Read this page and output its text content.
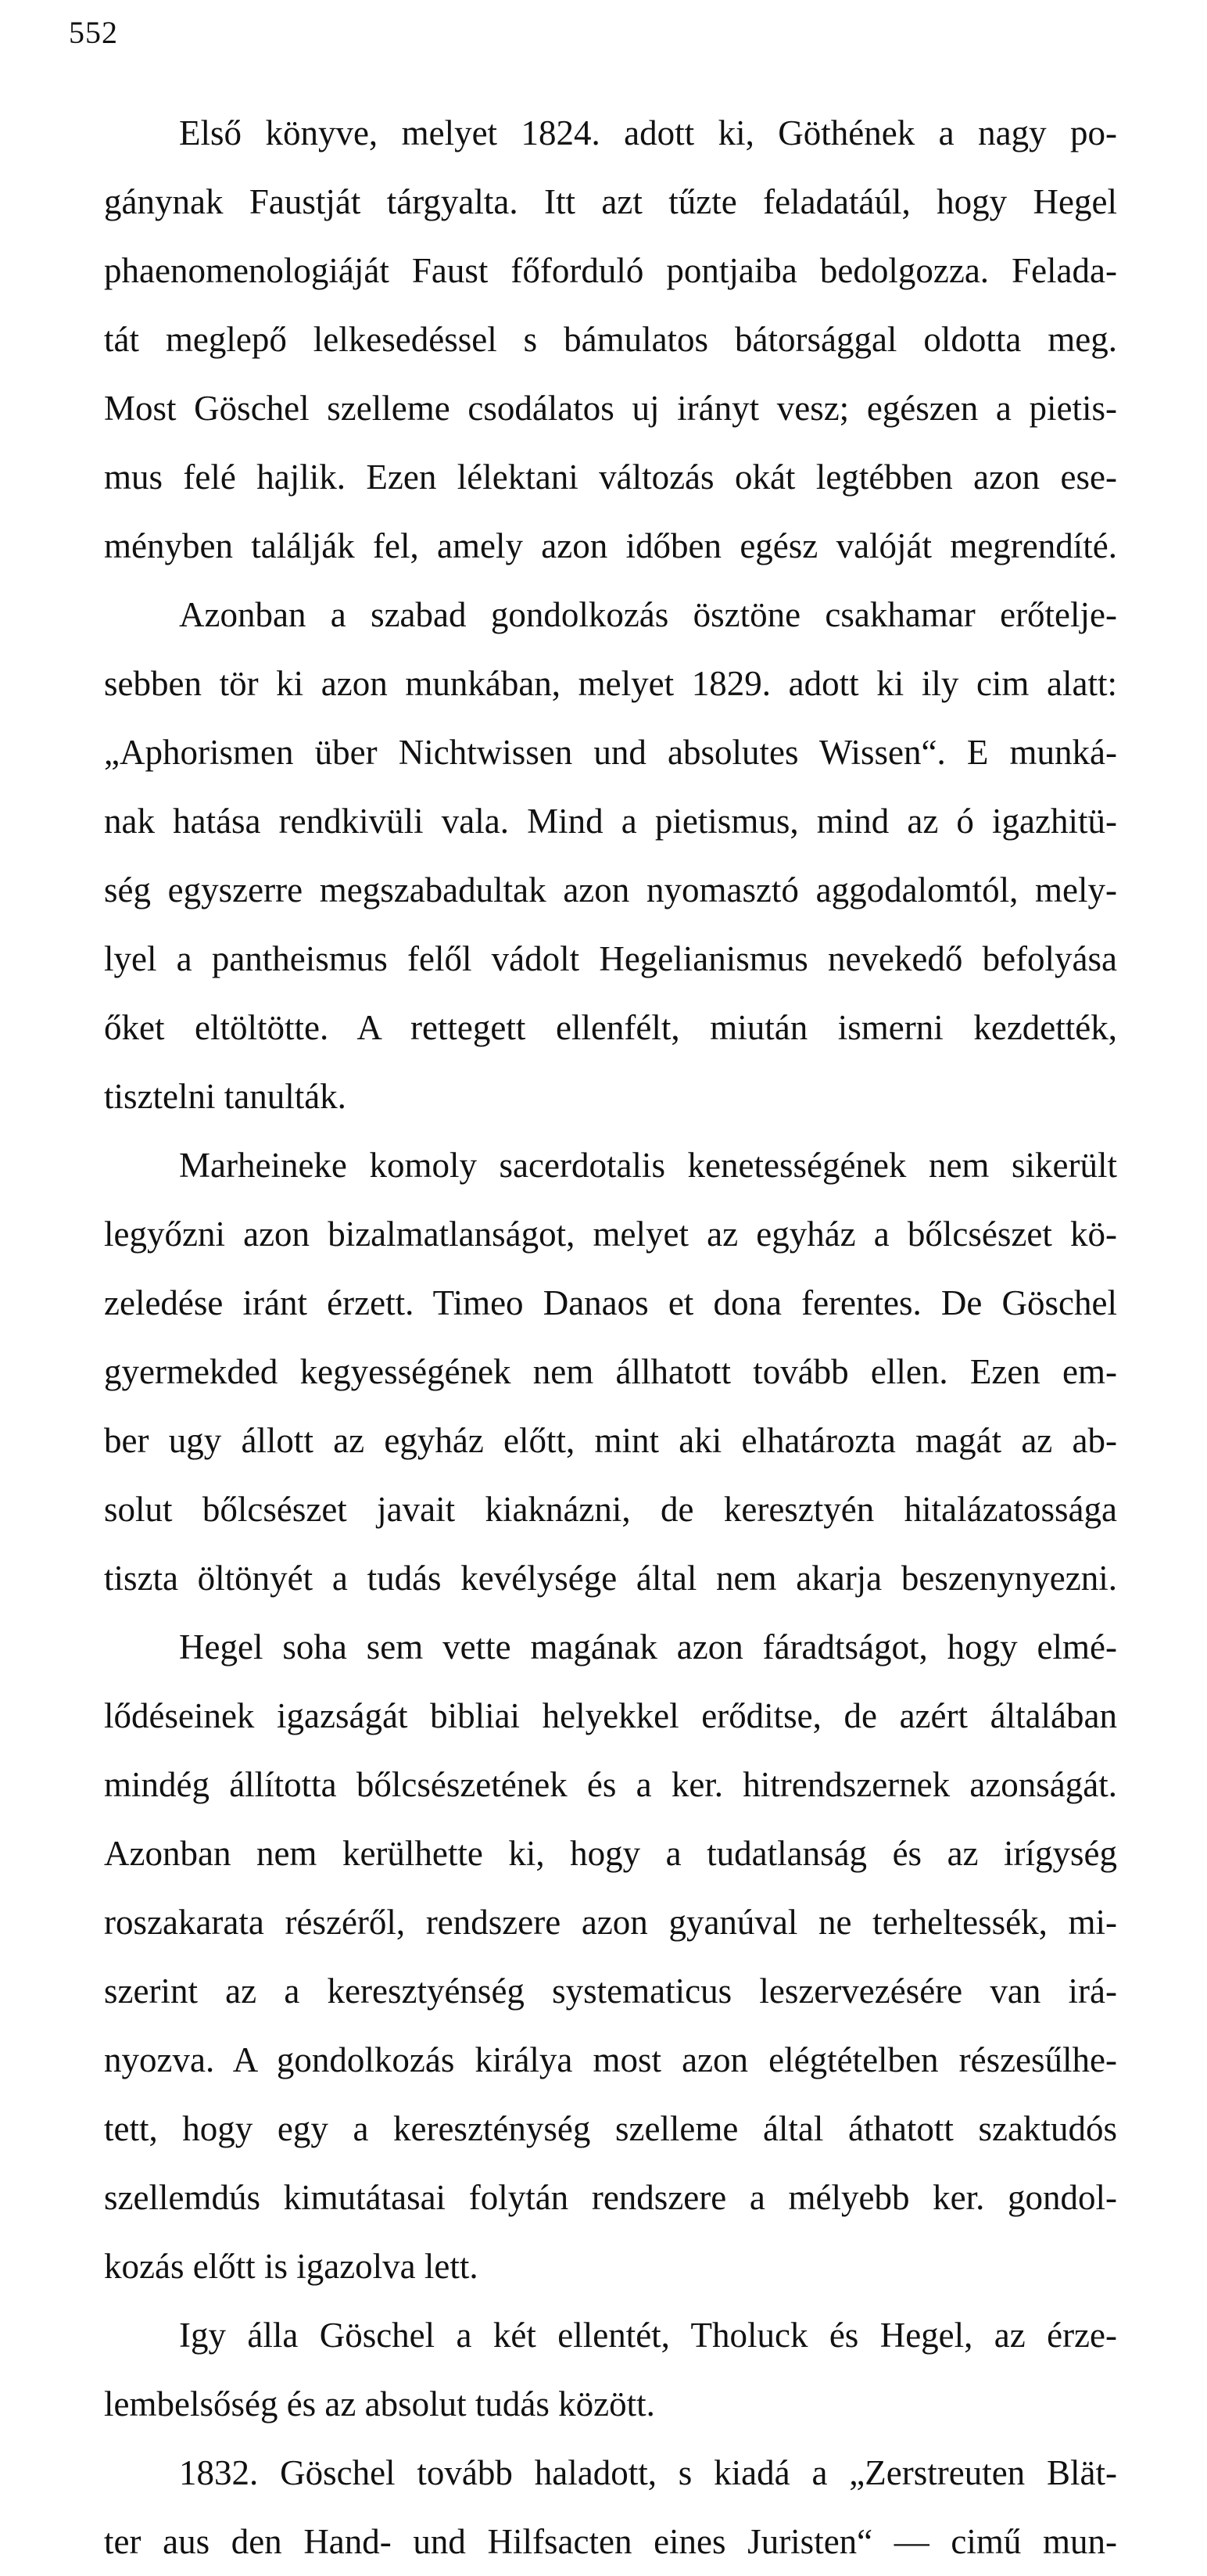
552
Első könyve, melyet 1824. adott ki, Göthének a nagy po-
gánynak Faustját tárgyalta. Itt azt tűzte feladatáúl, hogy Hegel
phaenomenologiáját Faust főforduló pontjaiba bedolgozza. Felada-
tát meglepő lelkesedéssel s bámulatos bátorsággal oldotta meg.
Most Göschel szelleme csodálatos uj irányt vesz; egészen a pietis-
mus felé hajlik. Ezen lélektani változás okát legtébben azon ese-
ményben találják fel, amely azon időben egész valóját megrendíté.
Azonban a szabad gondolkozás ösztöne csakhamar erőtelje-
sebben tör ki azon munkában, melyet 1829. adott ki ily cim alatt:
„Aphorismen über Nichtwissen und absolutes Wissen“. E munká-
nak hatása rendkivüli vala. Mind a pietismus, mind az ó igazhitü-
ség egyszerre megszabadultak azon nyomasztó aggodalomtól, mely-
lyel a pantheismus felől vádolt Hegelianismus nevekedő befolyása
őket eltöltötte. A rettegett ellenfélt, miután ismerni kezdették,
tisztelni tanulták.
Marheineke komoly sacerdotalis kenetességének nem sikerült
legyőzni azon bizalmatlanságot, melyet az egyház a bőlcsészet kö-
zeledése iránt érzett. Timeo Danaos et dona ferentes. De Göschel
gyermekded kegyességének nem állhatott tovább ellen. Ezen em-
ber ugy állott az egyház előtt, mint aki elhatározta magát az ab-
solut bőlcsészet javait kiaknázni, de keresztyén hitalázatossága
tiszta öltönyét a tudás kevélysége által nem akarja beszenynyezni.
Hegel soha sem vette magának azon fáradtságot, hogy elmé-
lődéseinek igazságát bibliai helyekkel erőditse, de azért általában
mindég állította bőlcsészetének és a ker. hitrendszernek azonságát.
Azonban nem kerülhette ki, hogy a tudatlanság és az irígység
roszakarata részéről, rendszere azon gyanúval ne terheltessék, mi-
szerint az a keresztyénség systematicus leszervezésére van irá-
nyozva. A gondolkozás királya most azon elégtételben részesűlhe-
tett, hogy egy a kereszténység szelleme által áthatott szaktudós
szellemdús kimutátasai folytán rendszere a mélyebb ker. gondol-
kozás előtt is igazolva lett.
Igy álla Göschel a két ellentét, Tholuck és Hegel, az érze-
lembelsőség és az absolut tudás között.
1832. Göschel tovább haladott, s kiadá a „Zerstreuten Blät-
ter aus den Hand- und Hilfsacten eines Juristen“ — cimű mun-
